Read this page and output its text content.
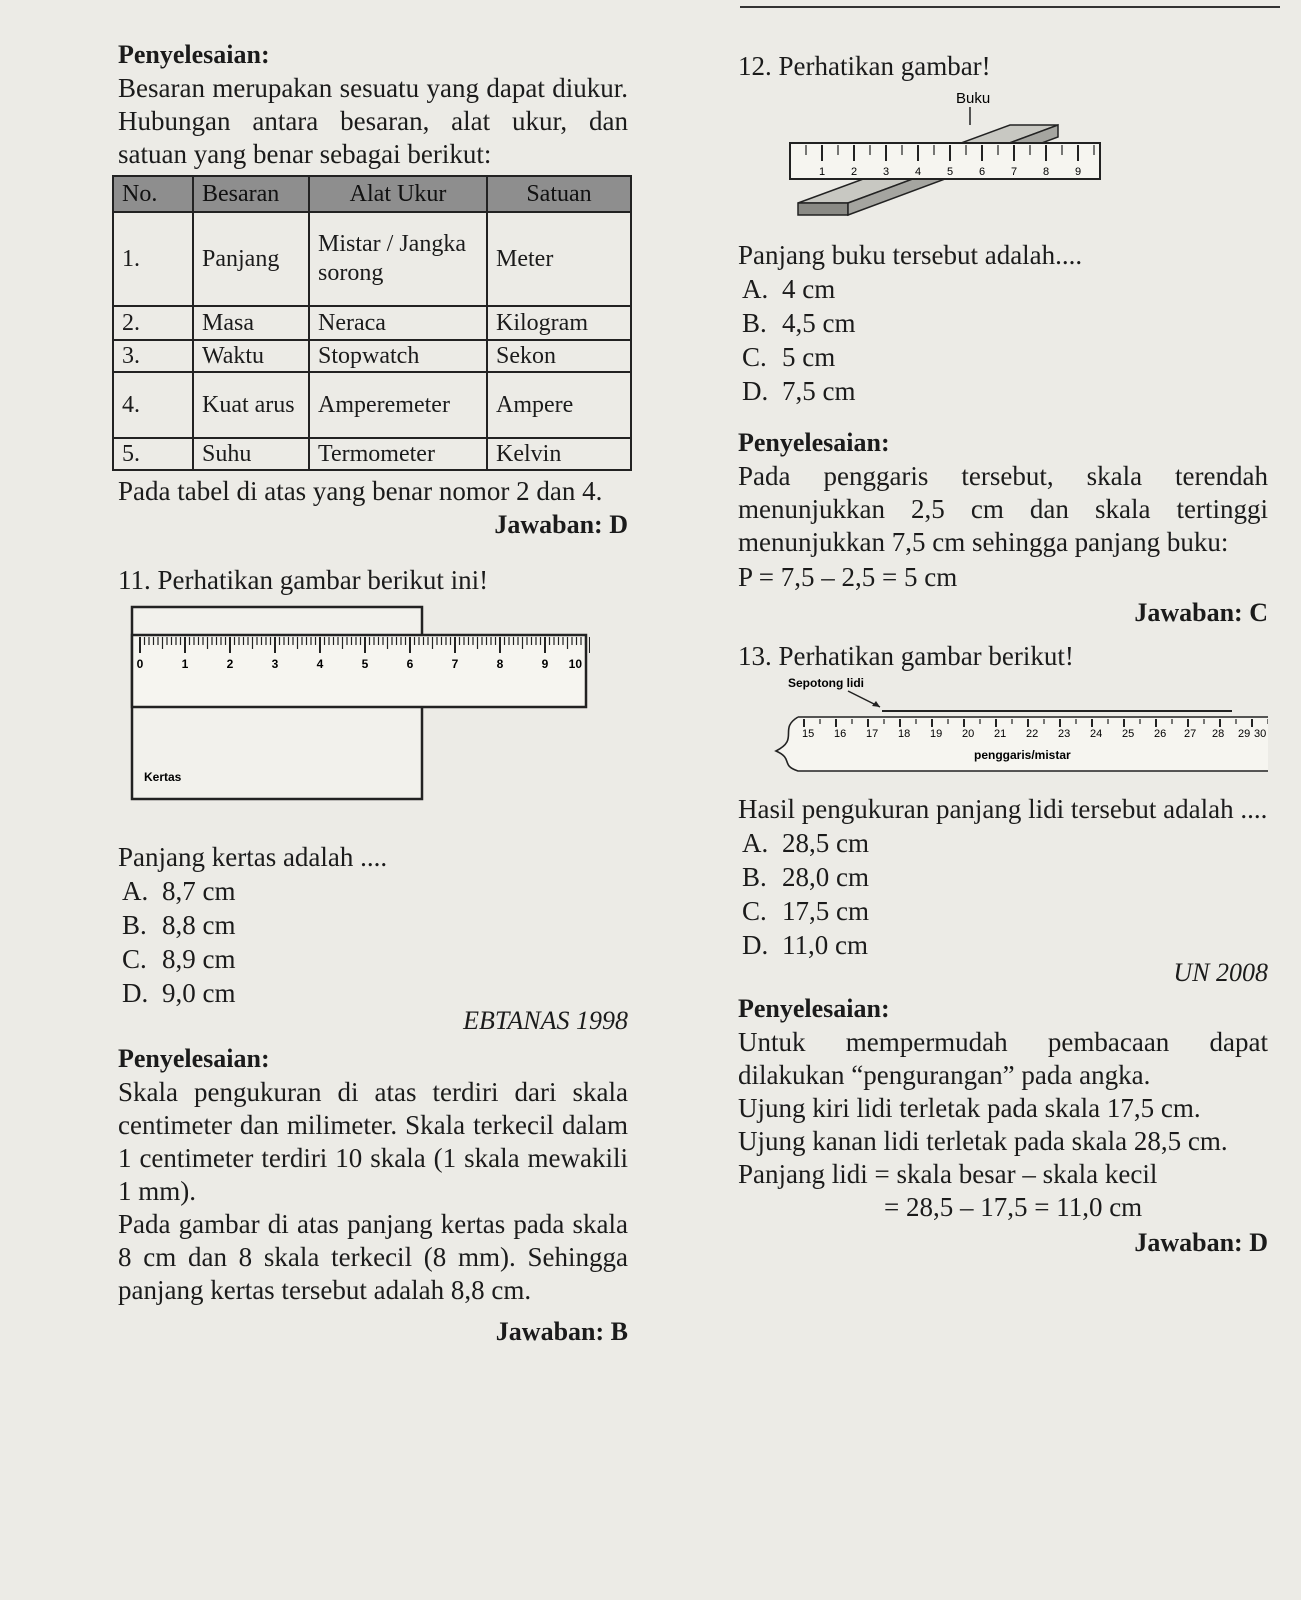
Penyelesaian:

Besaran merupakan sesuatu yang dapat diukur. Hubungan antara besaran, alat ukur, dan satuan yang benar sebagai berikut:

No.	Besaran	Alat Ukur	Satuan
1.	Panjang	Mistar / Jangka sorong	Meter
2.	Masa	Neraca	Kilogram
3.	Waktu	Stopwatch	Sekon
4.	Kuat arus	Amperemeter	Ampere
5.	Suhu	Termometer	Kelvin

Pada tabel di atas yang benar nomor 2 dan 4.

Jawaban: D

11. Perhatikan gambar berikut ini!

0	1	2	3	4	5	6	7	8	9 10
Kertas

Panjang kertas adalah ....

A. 8,7 cm

B. 8,8 cm

C. 8,9 cm

D. 9,0 cm

EBTANAS 1998

Penyelesaian:

Skala pengukuran di atas terdiri dari skala centimeter dan milimeter. Skala terkecil dalam 1 centimeter terdiri 10 skala (1 skala mewakili 1 mm).

Pada gambar di atas panjang kertas pada skala 8 cm dan 8 skala terkecil (8 mm). Sehingga panjang kertas tersebut adalah 8,8 cm.

Jawaban: B

12. Perhatikan gambar!

Buku
1 2 3 4 5 6 7 8 9

Panjang buku tersebut adalah....

A. 4 cm

B. 4,5 cm

C. 5 cm

D. 7,5 cm

Penyelesaian:

Pada penggaris tersebut, skala terendah menunjukkan 2,5 cm dan skala tertinggi menunjukkan 7,5 cm sehingga panjang buku:

P = 7,5 – 2,5 = 5 cm

Jawaban: C

13. Perhatikan gambar berikut!

Sepotong lidi
15 16 17 18 19 20 21 22 23 24 25 26 27 28 29 30
penggaris/mistar

Hasil pengukuran panjang lidi tersebut adalah ....

A. 28,5 cm

B. 28,0 cm

C. 17,5 cm

D. 11,0 cm

UN 2008

Penyelesaian:

Untuk mempermudah pembacaan dapat dilakukan “pengurangan” pada angka.

Ujung kiri lidi terletak pada skala 17,5 cm.

Ujung kanan lidi terletak pada skala 28,5 cm.

Panjang lidi = skala besar – skala kecil

= 28,5 – 17,5 = 11,0 cm

Jawaban: D
